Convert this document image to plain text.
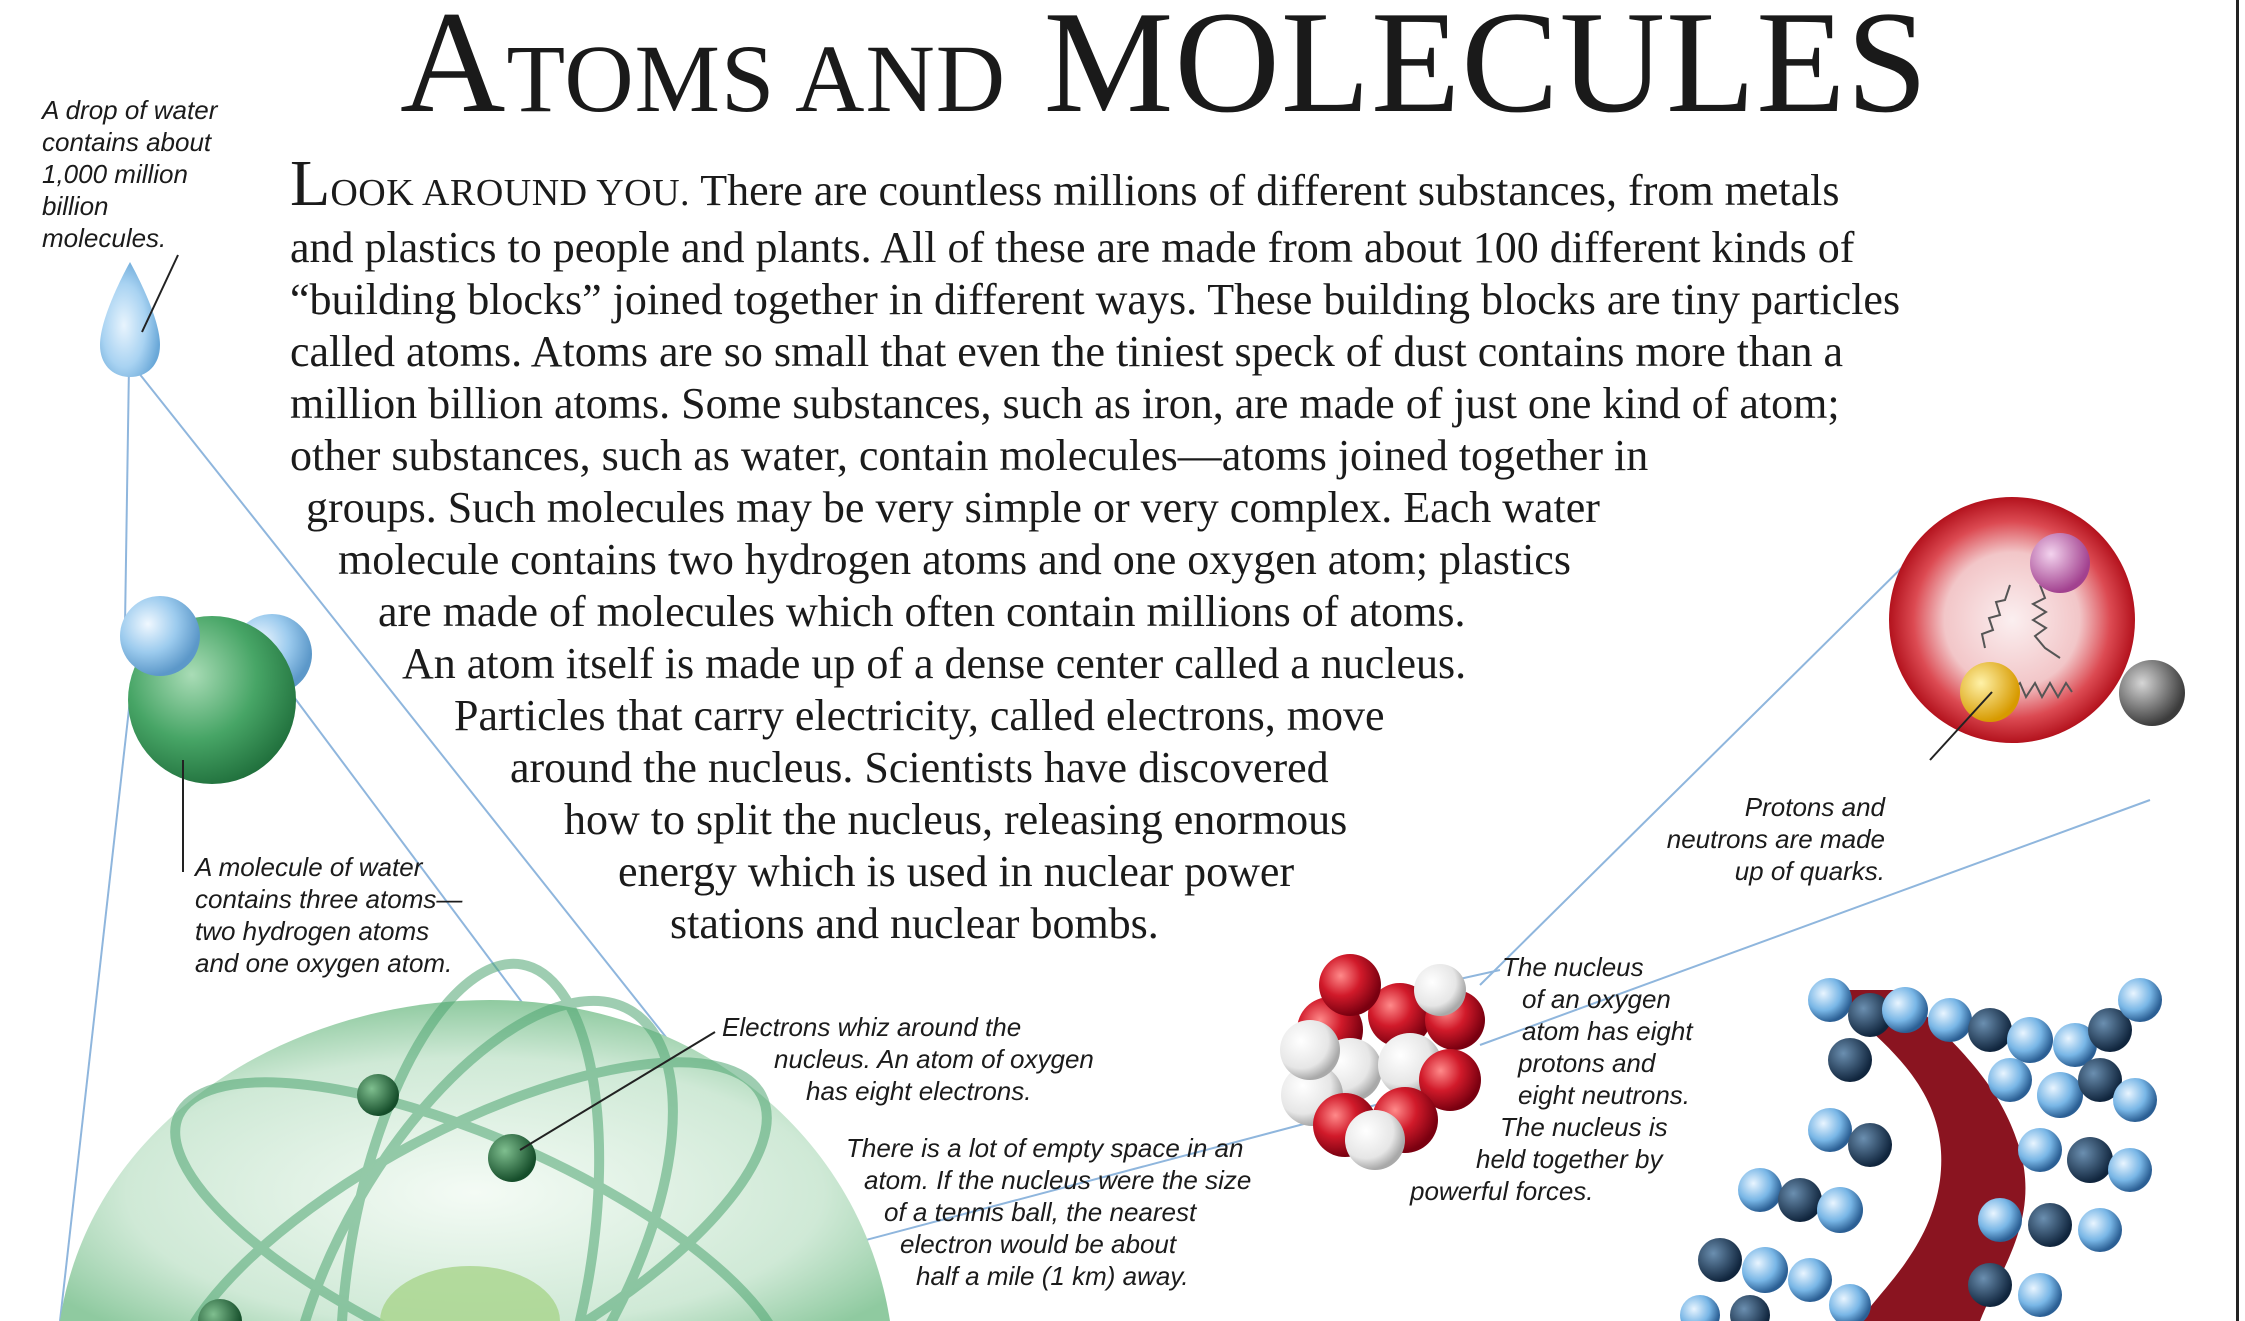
ATOMS AND MOLECULES
LOOK AROUND YOU. There are countless millions of different substances, from metals
and plastics to people and plants. All of these are made from about 100 different kinds of
“building blocks” joined together in different ways. These building blocks are tiny particles
called atoms. Atoms are so small that even the tiniest speck of dust contains more than a
million billion atoms. Some substances, such as iron, are made of just one kind of atom;
other substances, such as water, contain molecules—atoms joined together in
groups. Such molecules may be very simple or very complex. Each water
molecule contains two hydrogen atoms and one oxygen atom; plastics
are made of molecules which often contain millions of atoms.
An atom itself is made up of a dense center called a nucleus.
Particles that carry electricity, called electrons, move
around the nucleus. Scientists have discovered
how to split the nucleus, releasing enormous
energy which is used in nuclear power
stations and nuclear bombs.
A drop of water
contains about
1,000 million
billion
molecules.
A molecule of water
contains three atoms—
two hydrogen atoms
and one oxygen atom.
Electrons whiz around the
nucleus. An atom of oxygen
has eight electrons.
There is a lot of empty space in an
atom. If the nucleus were the size
of a tennis ball, the nearest
electron would be about
half a mile (1 km) away.
The nucleus
of an oxygen
atom has eight
protons and
eight neutrons.
The nucleus is
held together by
powerful forces.
Protons and
neutrons are made
up of quarks.
